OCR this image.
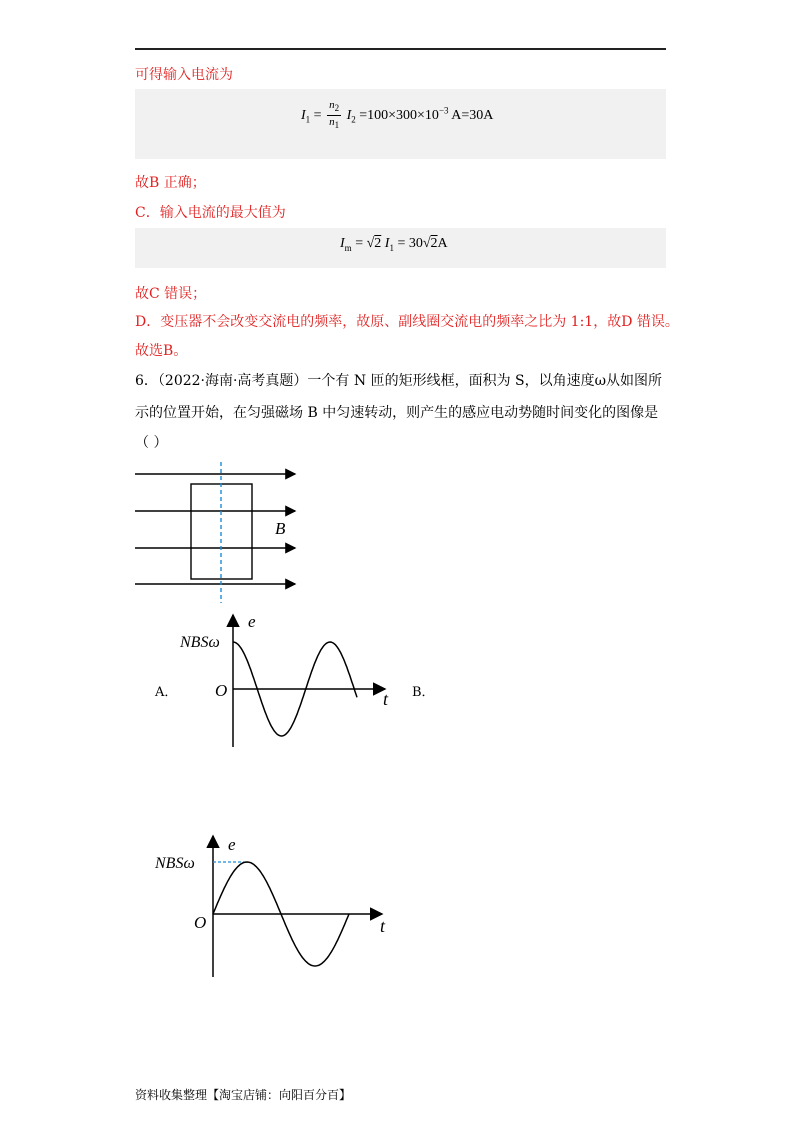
可得输入电流为
$I_1 = \frac{n_2}{n_1} I_2 =100\times 300\times 10^{-3}$ A=30A
故B 正确；
C．输入电流的最大值为
$I_m = √2$ $I_1 = 30√2A$
故C 错误；
D．变压器不会改变交流电的频率，故原、副线圈交流电的频率之比为 1:1，故D 错误。
故选B。
6．（2022·海南·高考真题）一个有 N 匝的矩形线框，面积为 S，以角速度ω从如图所
示的位置开始，在匀强磁场 B 中匀速转动，则产生的感应电动势随时间变化的图像是
（ ）
B
A．
e
t
O
NBSω
B．
e
t
O
NBSω
资料收集整理【淘宝店铺：向阳百分百】
